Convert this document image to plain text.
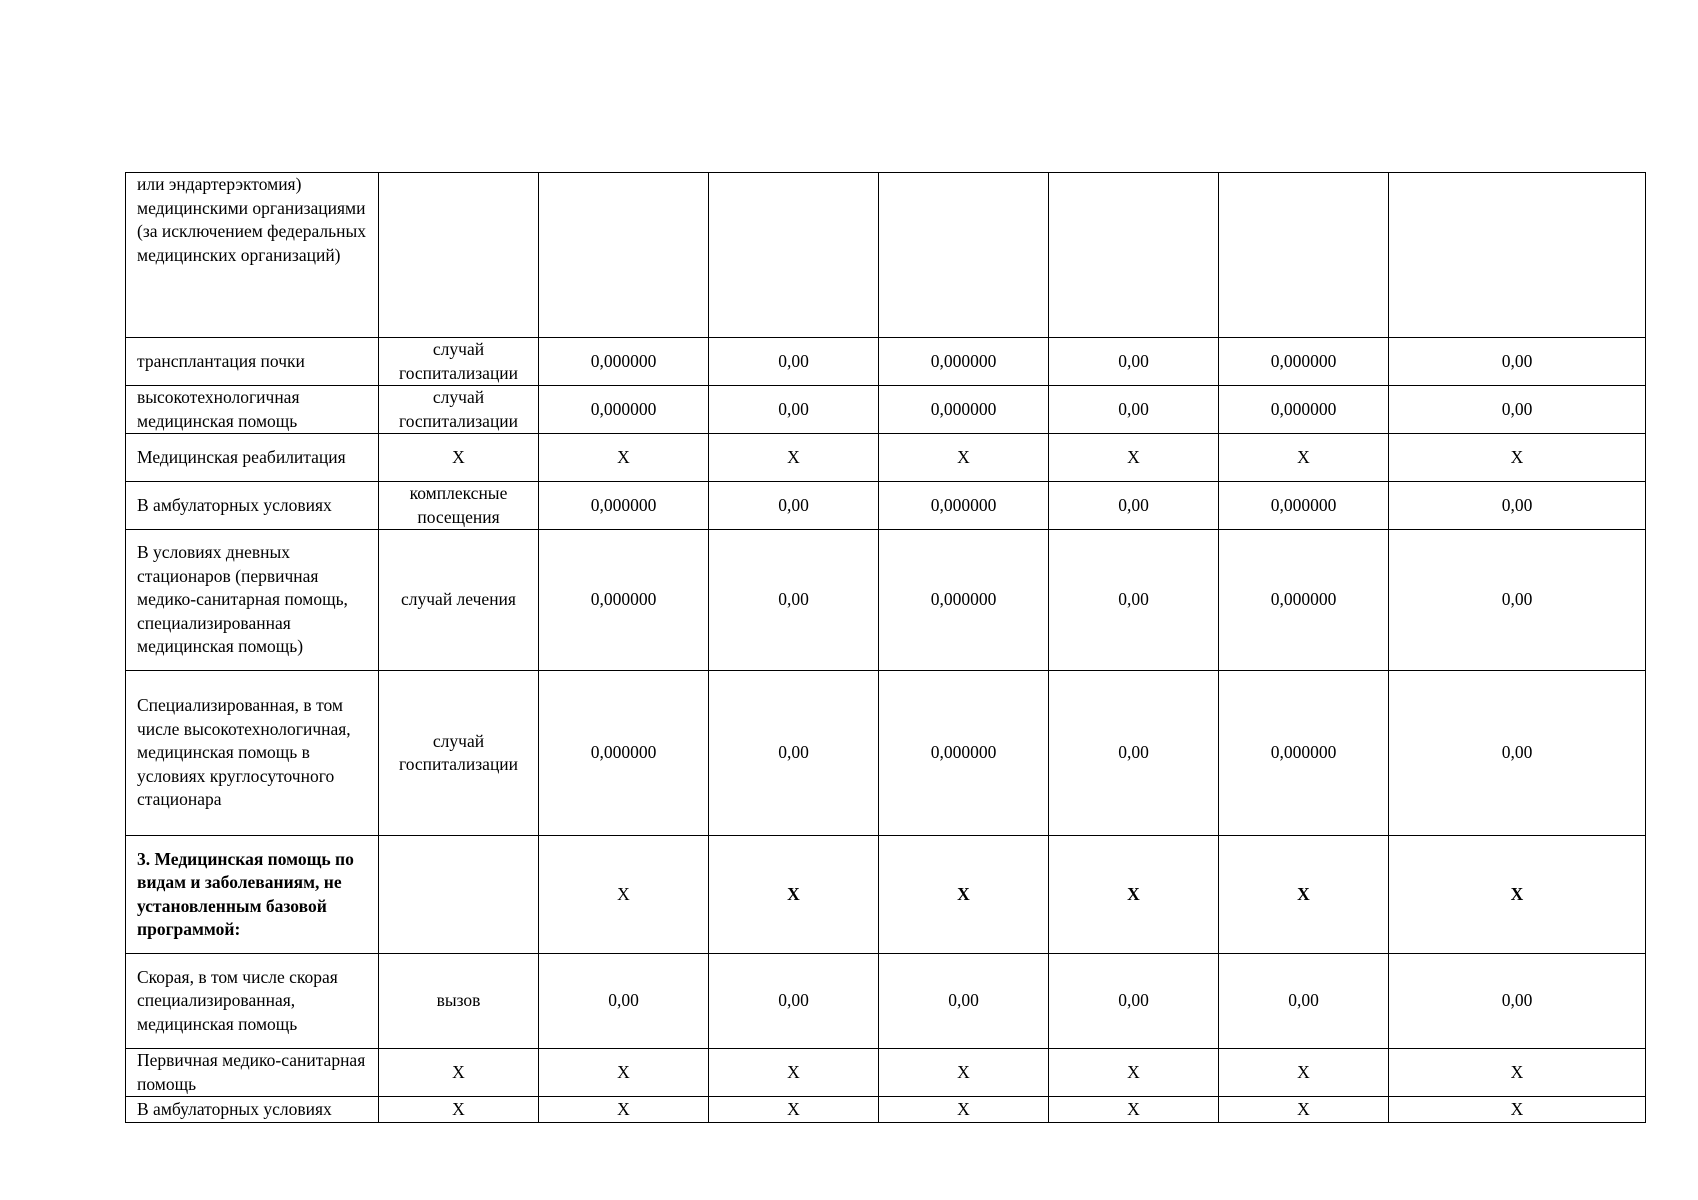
или эндартерэктомия) медицинскими организациями (за исключением федеральных медицинских организаций)							
трансплантация почки	случай госпитализации	0,000000	0,00	0,000000	0,00	0,000000	0,00
высокотехнологичная медицинская помощь	случай госпитализации	0,000000	0,00	0,000000	0,00	0,000000	0,00
Медицинская реабилитация	Х	Х	Х	Х	Х	Х	Х
В амбулаторных условиях	комплексные посещения	0,000000	0,00	0,000000	0,00	0,000000	0,00
В условиях дневных стационаров (первичная медико-санитарная помощь, специализированная медицинская помощь)	случай лечения	0,000000	0,00	0,000000	0,00	0,000000	0,00
Специализированная, в том числе высокотехнологичная, медицинская помощь в условиях круглосуточного стационара	случай госпитализации	0,000000	0,00	0,000000	0,00	0,000000	0,00
3. Медицинская помощь по видам и заболеваниям, не установленным базовой программой:		Х	Х	Х	Х	Х	Х
Скорая, в том числе скорая специализированная, медицинская помощь	вызов	0,00	0,00	0,00	0,00	0,00	0,00
Первичная медико-санитарная помощь	Х	Х	Х	Х	Х	Х	Х
В амбулаторных условиях	Х	Х	Х	Х	Х	Х	Х
